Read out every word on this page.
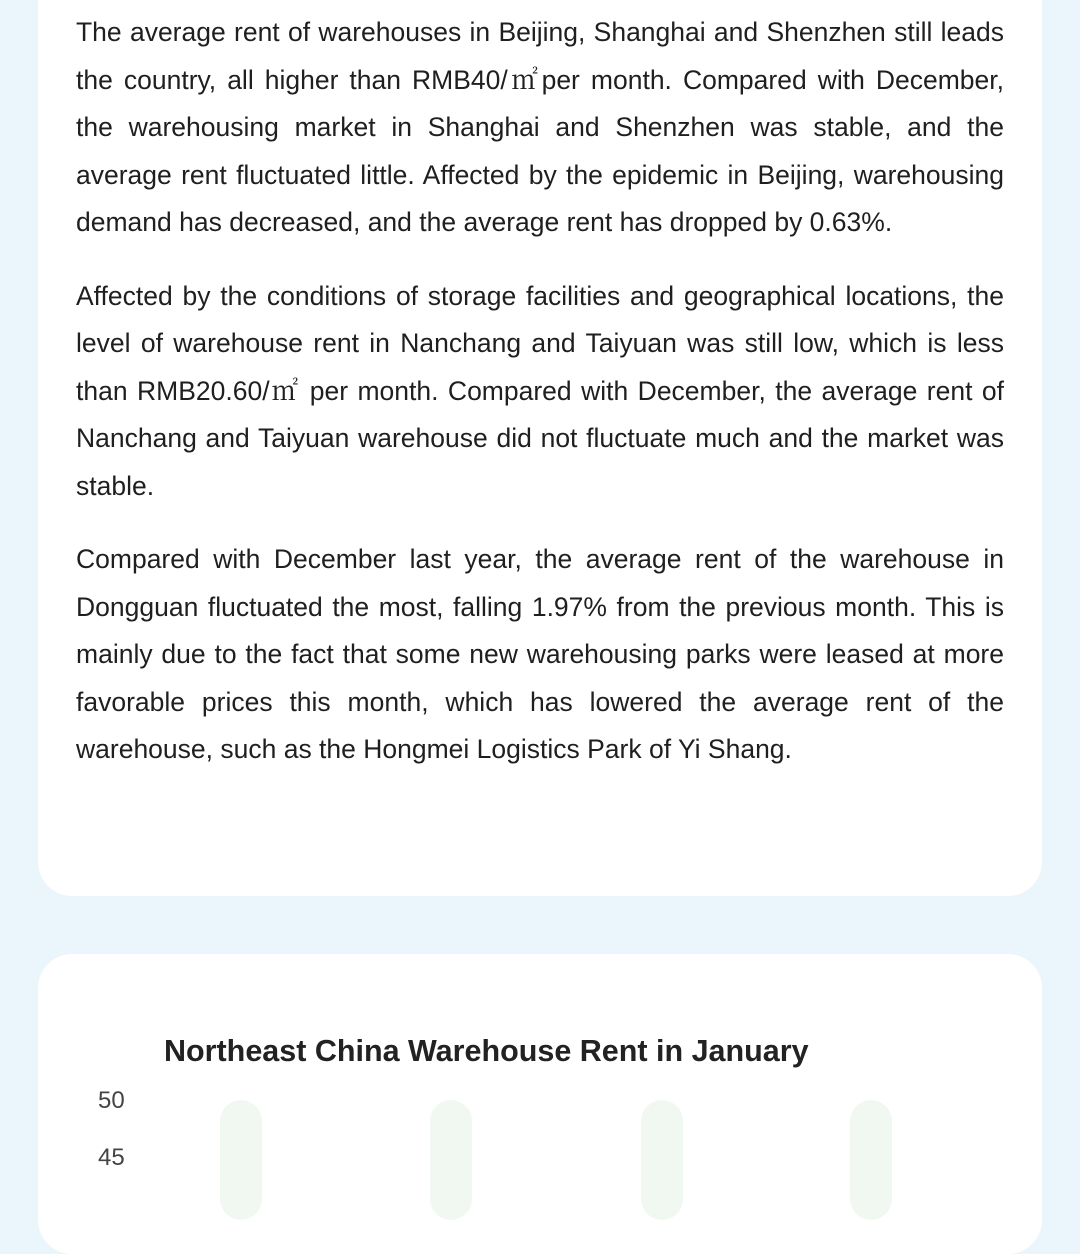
The average rent of warehouses in Beijing, Shanghai and Shenzhen still leads the country, all higher than RMB40/㎡per month. Compared with December, the warehousing market in Shanghai and Shenzhen was stable, and the average rent fluctuated little. Affected by the epidemic in Beijing, warehousing demand has decreased, and the average rent has dropped by 0.63%.

Affected by the conditions of storage facilities and geographical locations, the level of warehouse rent in Nanchang and Taiyuan was still low, which is less than RMB20.60/㎡ per month. Compared with December, the average rent of Nanchang and Taiyuan warehouse did not fluctuate much and the market was stable.

Compared with December last year, the average rent of the warehouse in Dongguan fluctuated the most, falling 1.97% from the previous month. This is mainly due to the fact that some new warehousing parks were leased at more favorable prices this month, which has lowered the average rent of the warehouse, such as the Hongmei Logistics Park of Yi Shang.

Northeast China Warehouse Rent in January
50
45
